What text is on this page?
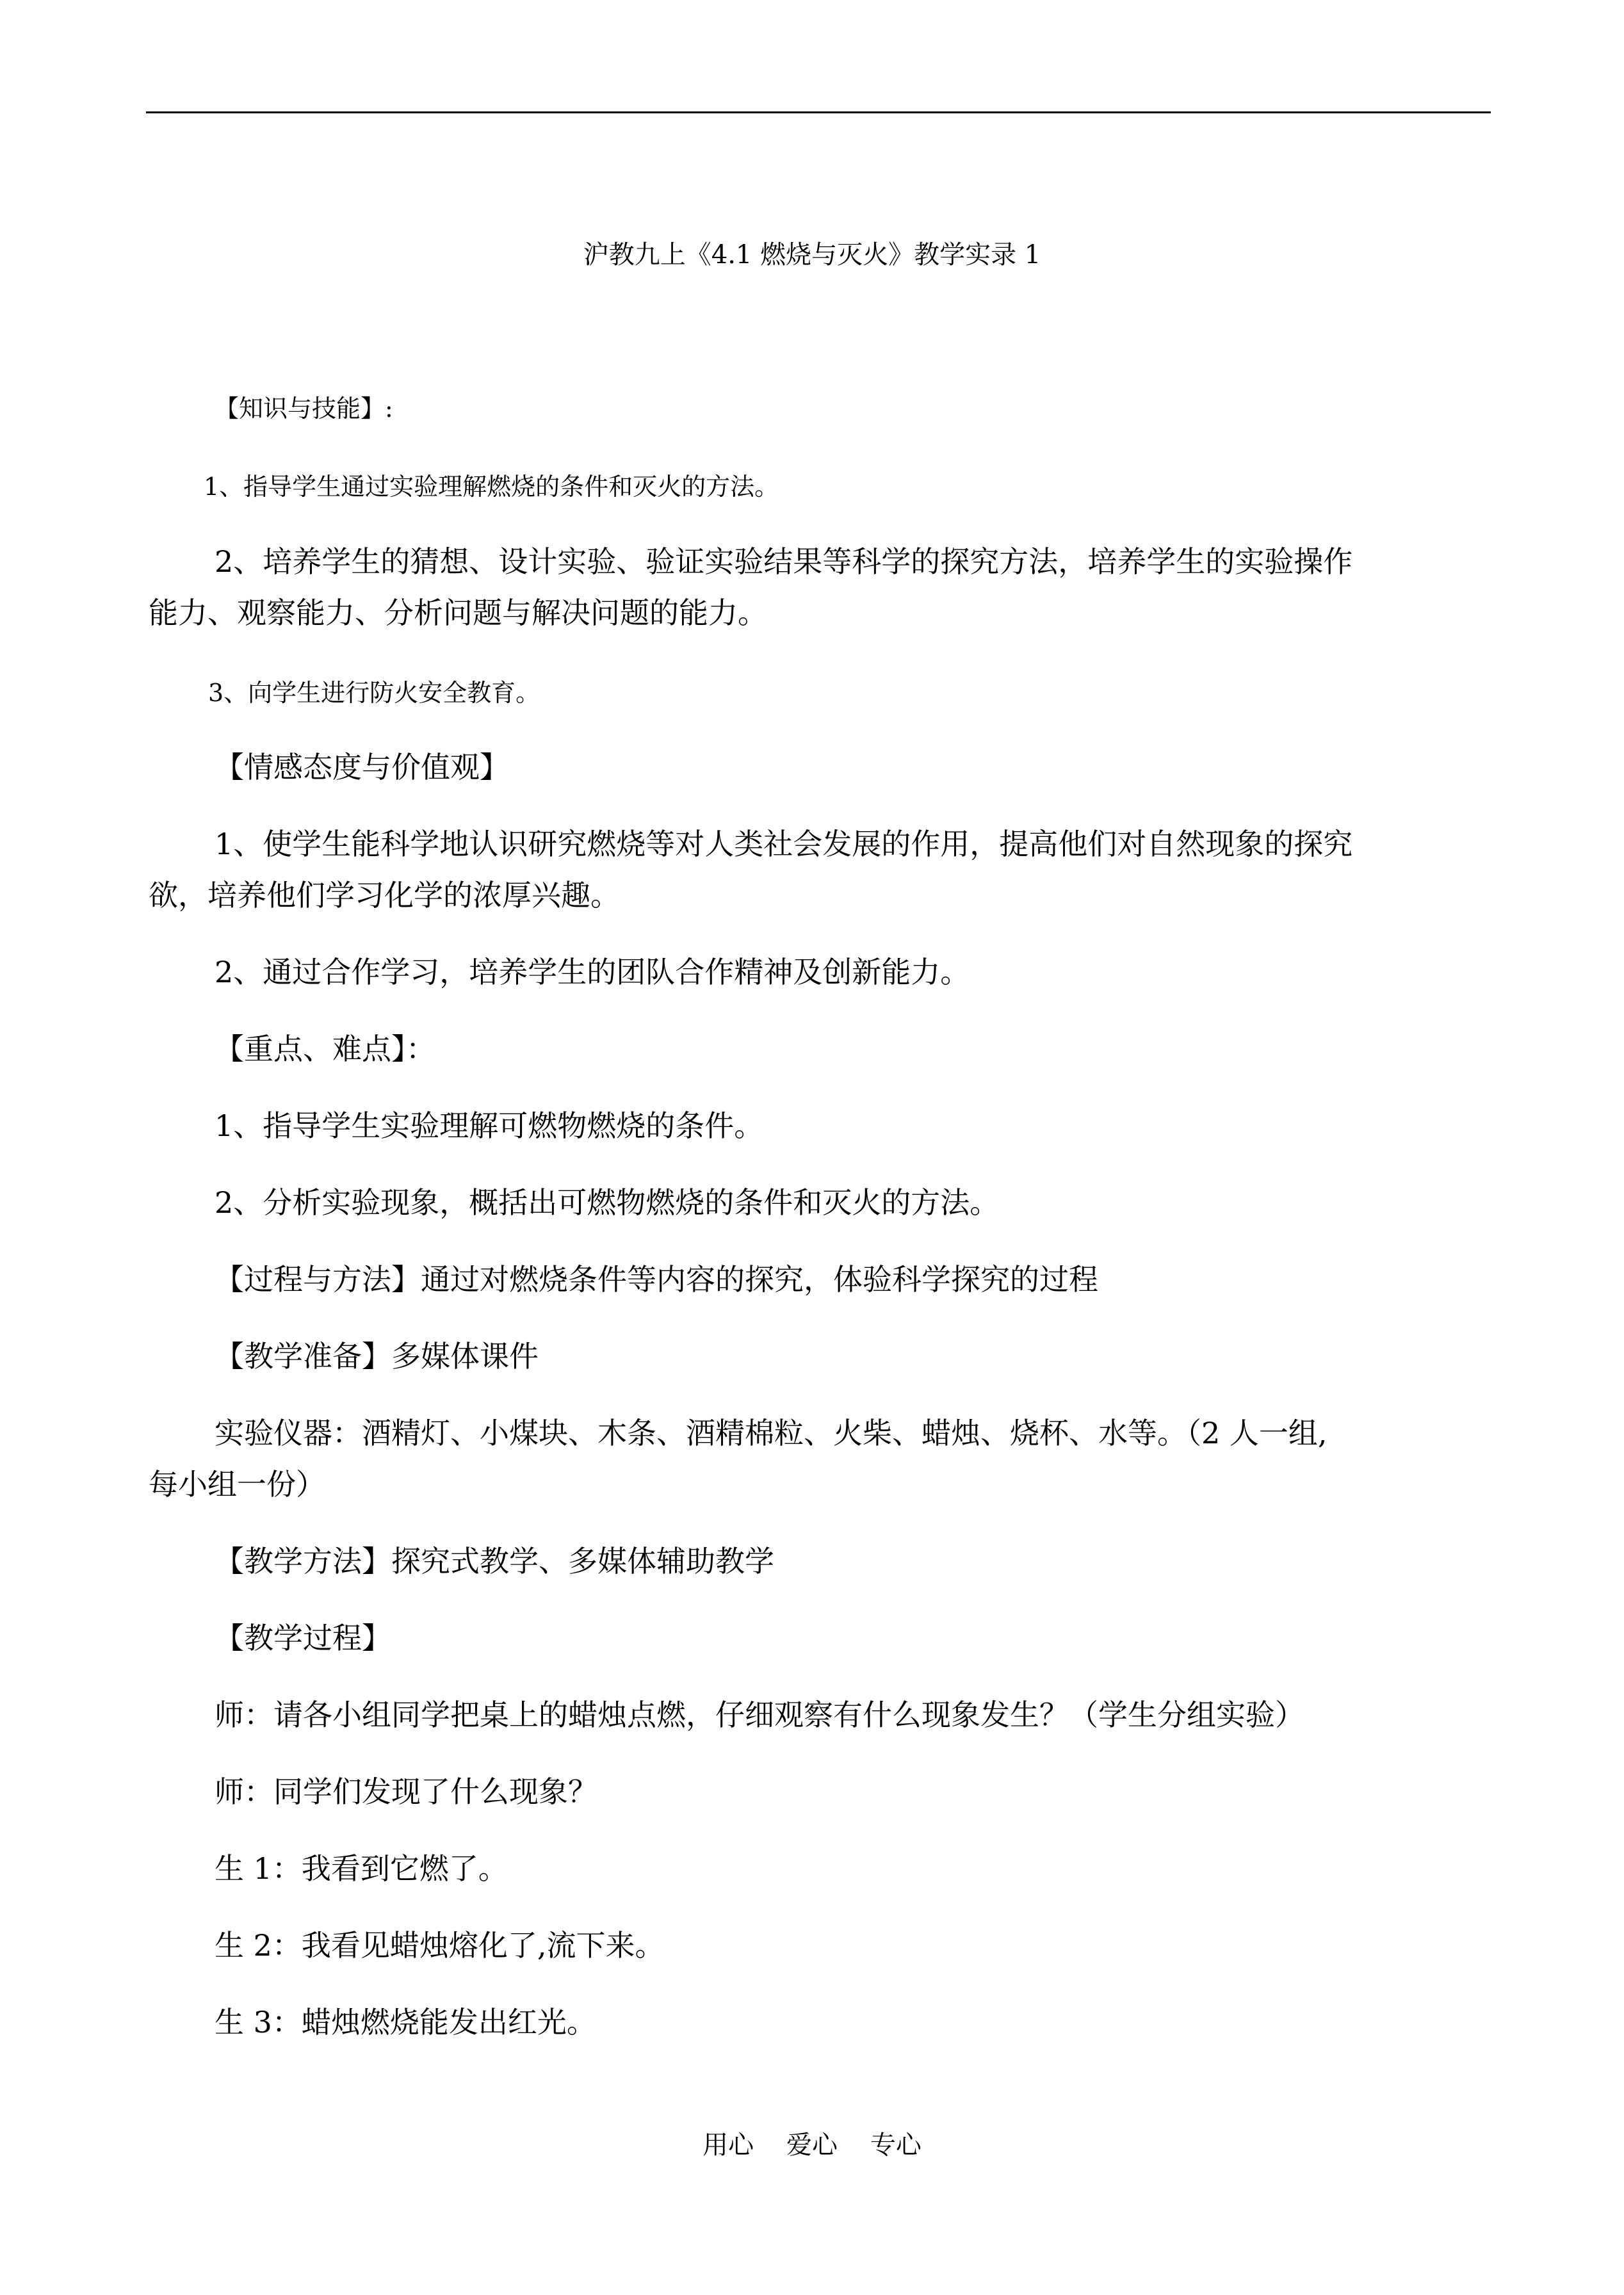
沪教九上《4.1 燃烧与灭火》教学实录 1
【知识与技能】:
1、指导学生通过实验理解燃烧的条件和灭火的方法。
2、培养学生的猜想、设计实验、验证实验结果等科学的探究方法，培养学生的实验操作
能力、观察能力、分析问题与解决问题的能力。
3、向学生进行防火安全教育。
【情感态度与价值观】
1、使学生能科学地认识研究燃烧等对人类社会发展的作用，提高他们对自然现象的探究
欲，培养他们学习化学的浓厚兴趣。
2、通过合作学习，培养学生的团队合作精神及创新能力。
【重点、难点】：
1、指导学生实验理解可燃物燃烧的条件。
2、分析实验现象，概括出可燃物燃烧的条件和灭火的方法。
【过程与方法】通过对燃烧条件等内容的探究，体验科学探究的过程
【教学准备】多媒体课件
实验仪器：酒精灯、小煤块、木条、酒精棉粒、火柴、蜡烛、烧杯、水等。（2 人一组,
每小组一份）
【教学方法】探究式教学、多媒体辅助教学
【教学过程】
师：请各小组同学把桌上的蜡烛点燃，仔细观察有什么现象发生？（学生分组实验）
师：同学们发现了什么现象？
生 1：我看到它燃了。
生 2：我看见蜡烛熔化了,流下来。
生 3：蜡烛燃烧能发出红光。
用心    爱心    专心
